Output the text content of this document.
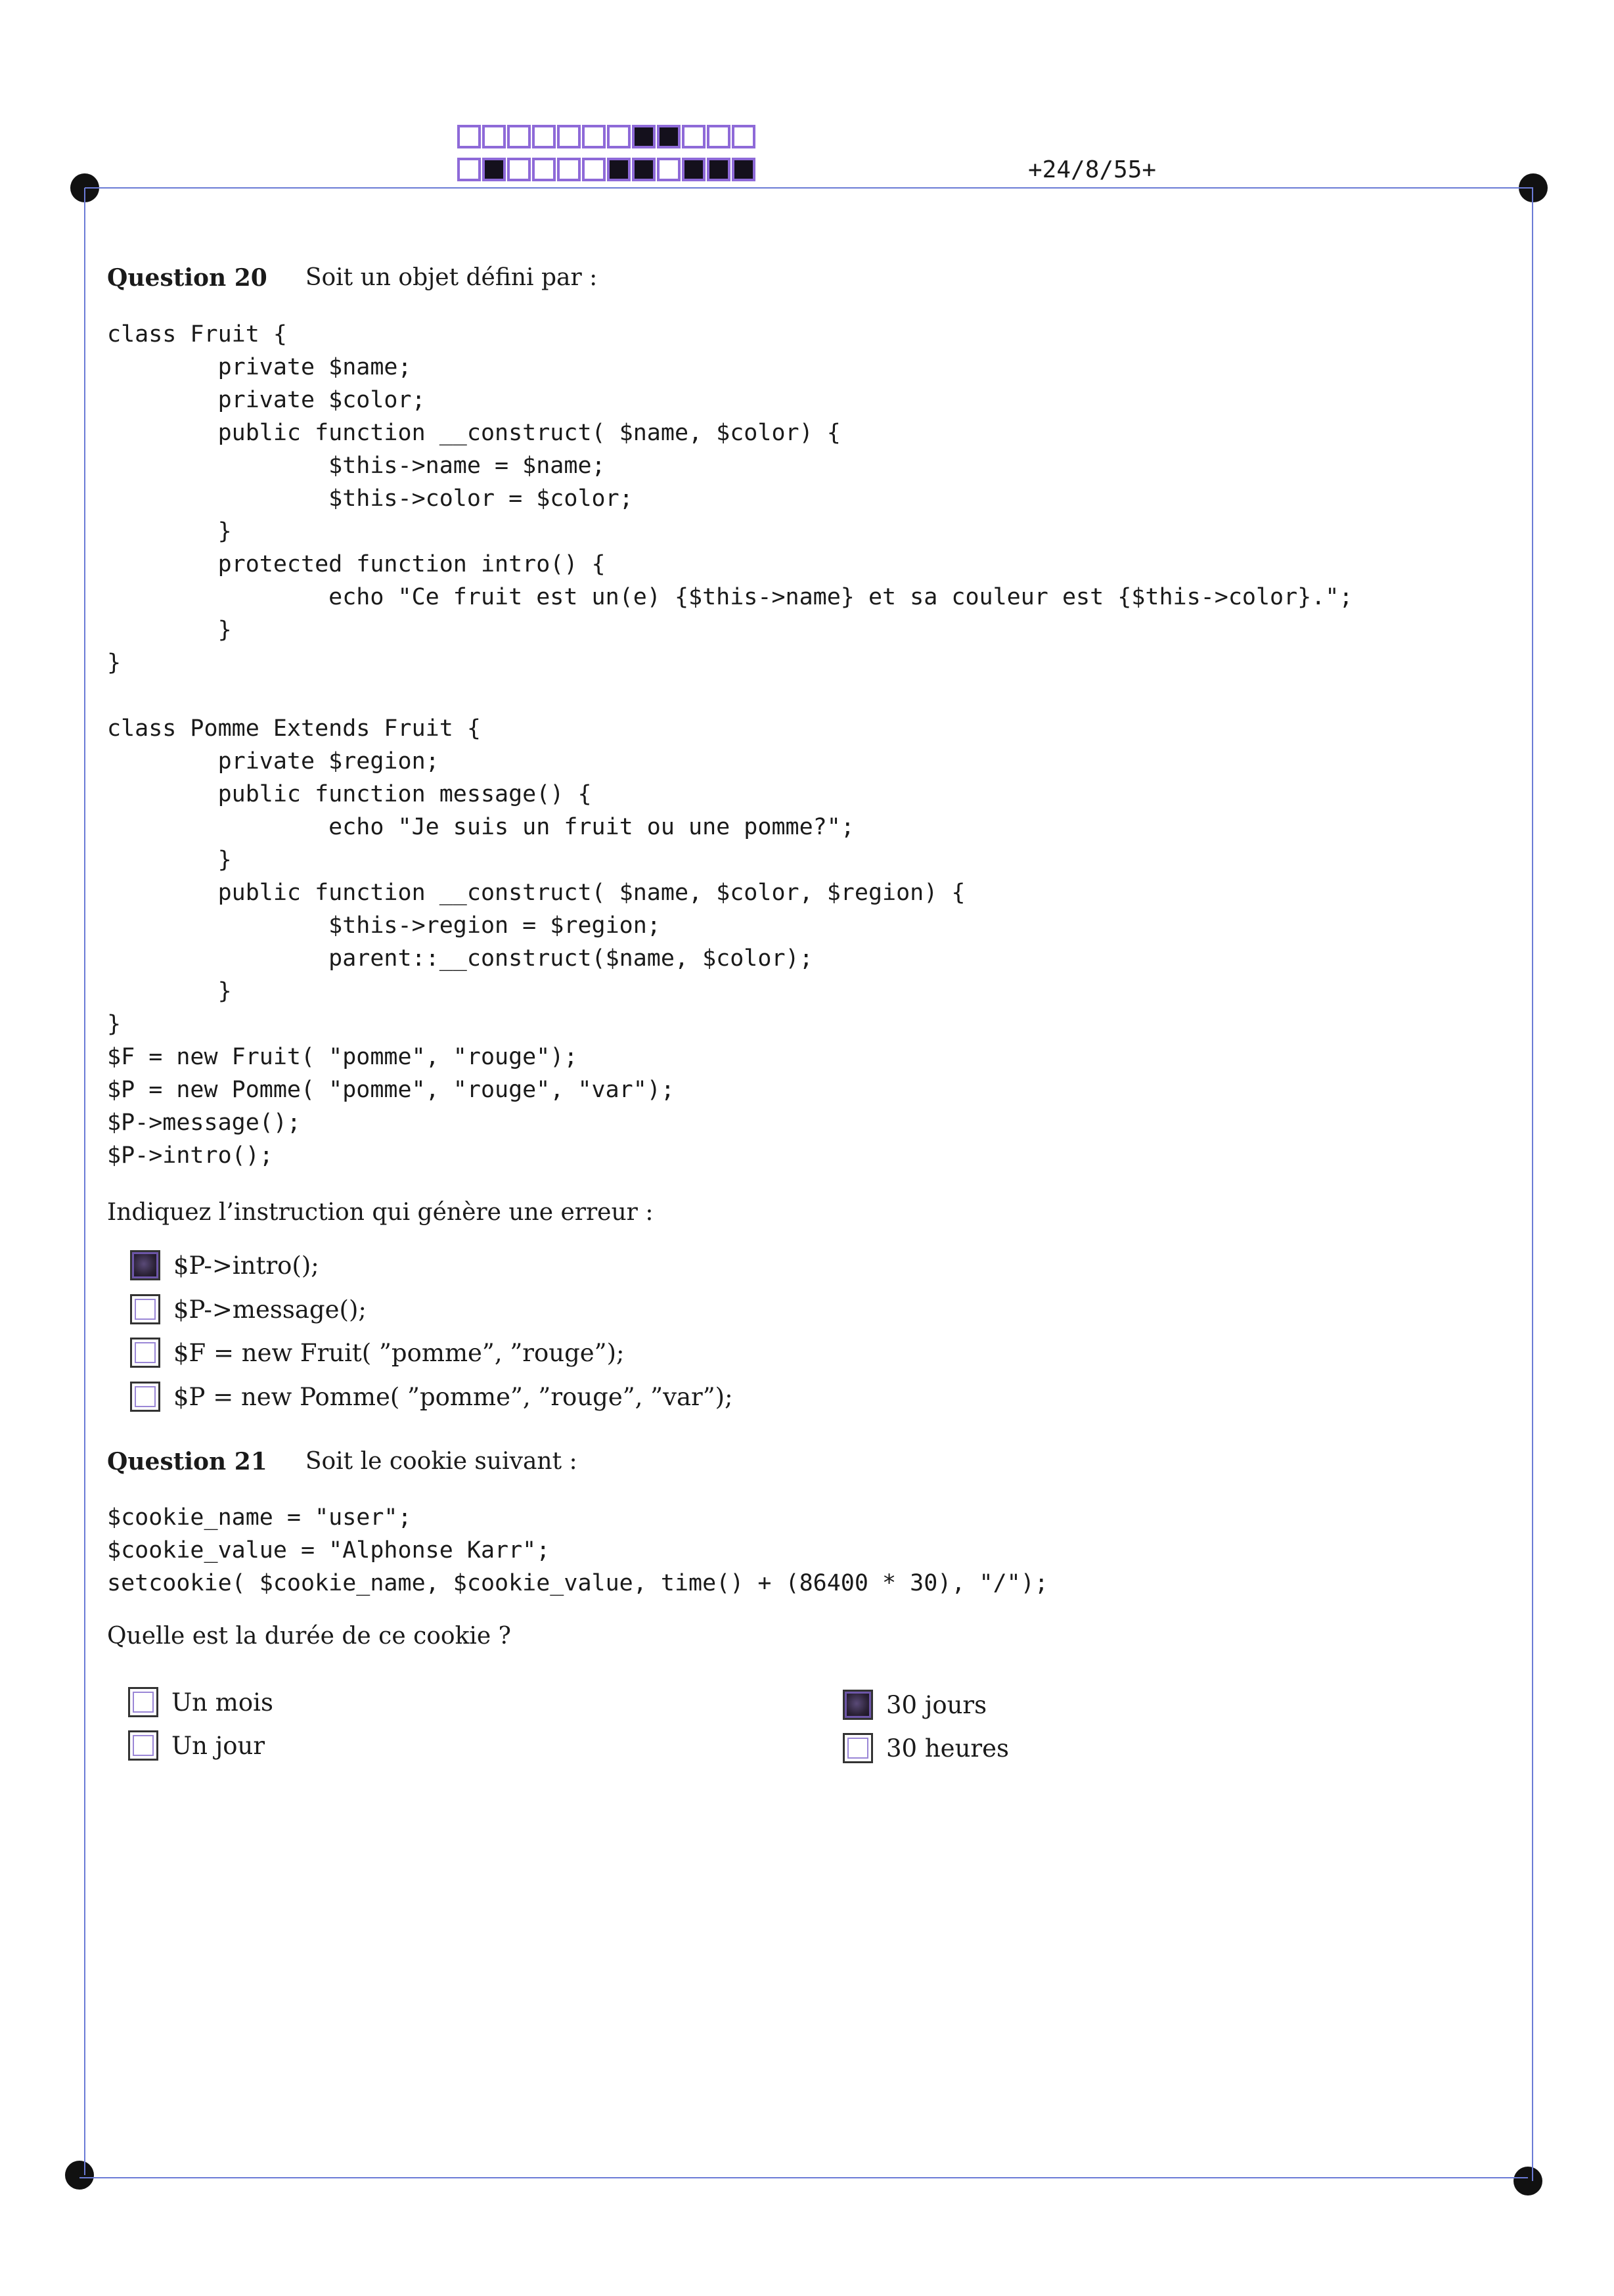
+24/8/55+
Question 20 Soit un objet défini par :
class Fruit {
private $name;
private $color;
public function __construct( $name, $color) {
$this->name = $name;
$this->color = $color;
}
protected function intro() {
echo "Ce fruit est un(e) {$this->name} et sa couleur est {$this->color}.";
}
}

class Pomme Extends Fruit {
private $region;
public function message() {
echo "Je suis un fruit ou une pomme?";
}
public function __construct( $name, $color, $region) {
$this->region = $region;
parent::__construct($name, $color);
}
}
$F = new Fruit( "pomme", "rouge");
$P = new Pomme( "pomme", "rouge", "var");
$P->message();
$P->intro();
Indiquez l’instruction qui génère une erreur :
$P->intro();
$P->message();
$F = new Fruit( ”pomme”, ”rouge”);
$P = new Pomme( ”pomme”, ”rouge”, ”var”);
Question 21 Soit le cookie suivant :
$cookie_name = "user";
$cookie_value = "Alphonse Karr";
setcookie( $cookie_name, $cookie_value, time() + (86400 * 30), "/");
Quelle est la durée de ce cookie ?
Un mois
Un jour
30 jours
30 heures
